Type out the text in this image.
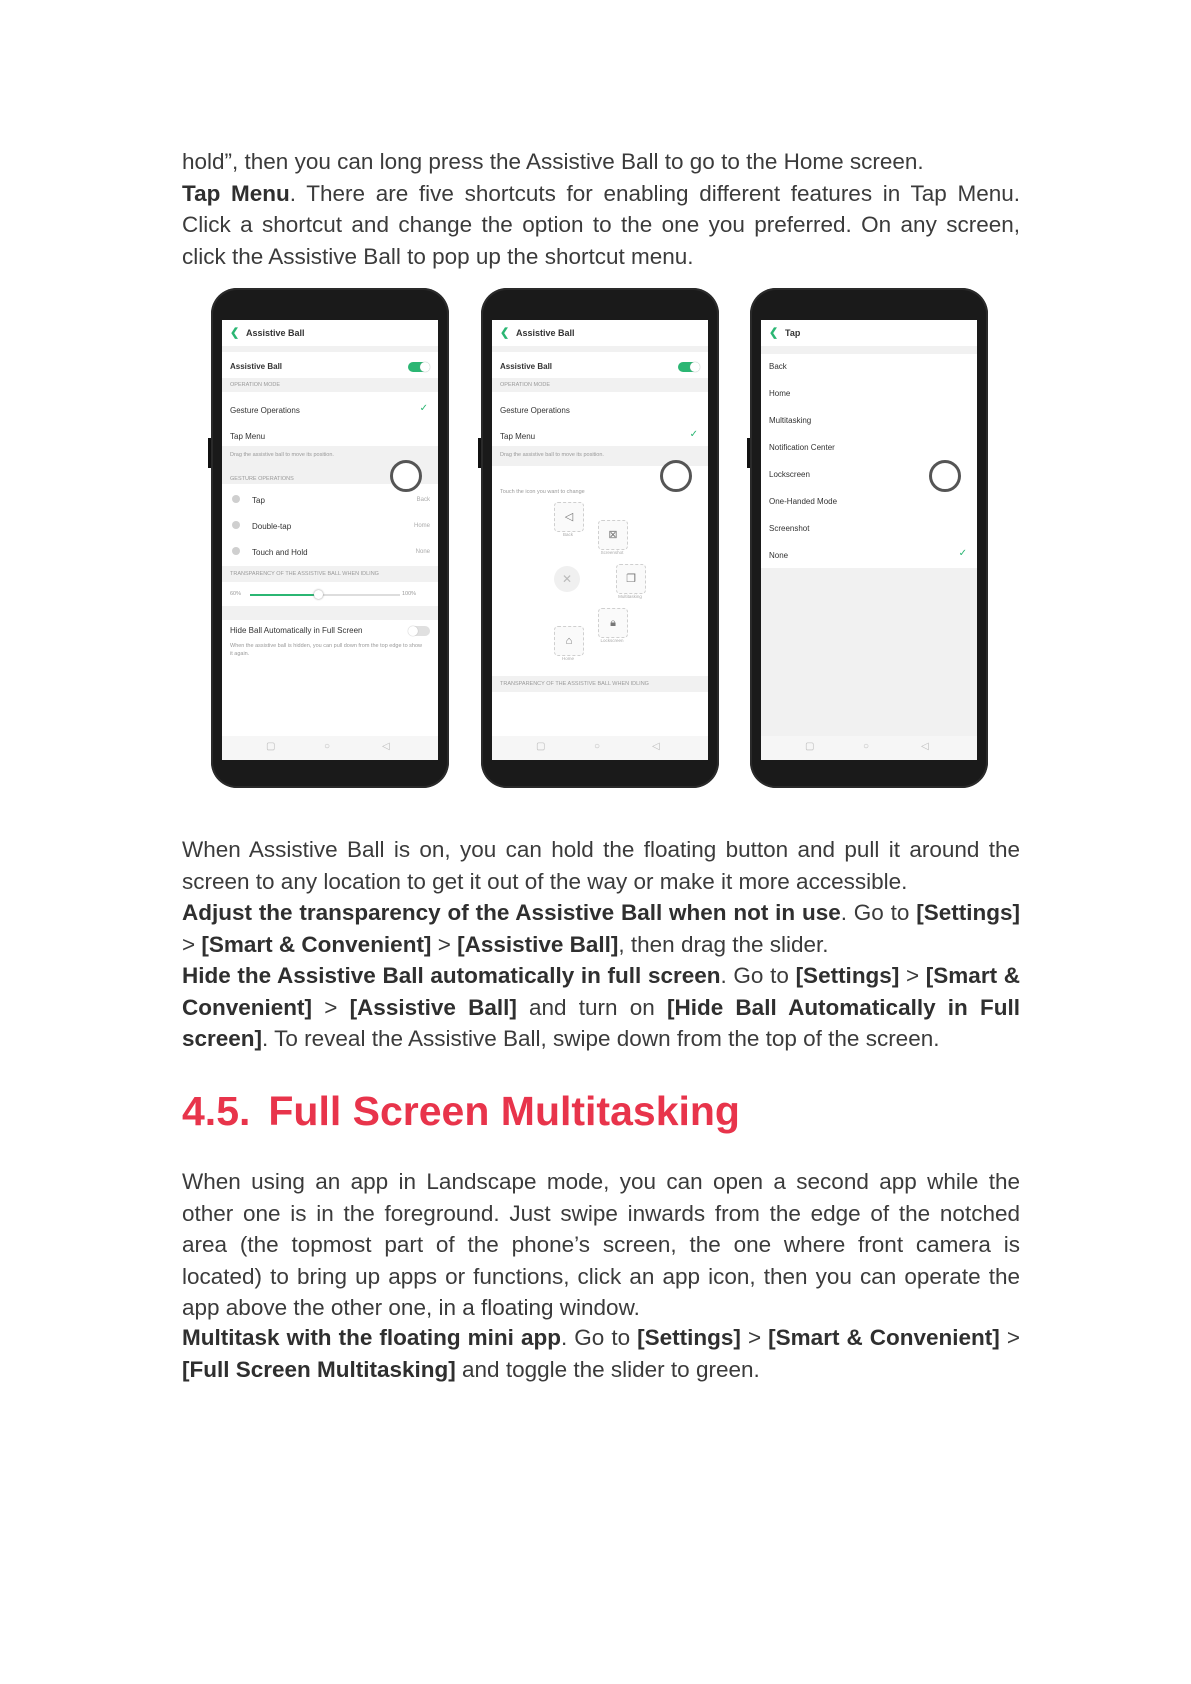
hold”, then you can long press the Assistive Ball to go to the Home screen.
Tap Menu. There are five shortcuts for enabling different features in Tap Menu. Click a shortcut and change the option to the one you preferred. On any screen, click the Assistive Ball to pop up the shortcut menu.

❮ Assistive Ball
Assistive Ball
OPERATION MODE
Gesture Operations	✓
Tap Menu
Drag the assistive ball to move its position.
GESTURE OPERATIONS
Tap	Back
Double-tap	Home
Touch and Hold	None
TRANSPARENCY OF THE ASSISTIVE BALL WHEN IDLING
60%	100%
Hide Ball Automatically in Full Screen
When the assistive ball is hidden, you can pull down from the top edge to show it again.
▢	○	◁
❮ Assistive Ball
Assistive Ball
OPERATION MODE
Gesture Operations
Tap Menu	✓
Drag the assistive ball to move its position.
Touch the icon you want to change
◁
Back	⊠
Screenshot
✕	❐
Multitasking
🔒︎
Lockscreen
⌂
Home
TRANSPARENCY OF THE ASSISTIVE BALL WHEN IDLING
▢	○	◁
❮ Tap
Back
Home
Multitasking
Notification Center
Lockscreen
One-Handed Mode
Screenshot
None	✓
▢	○	◁

When Assistive Ball is on, you can hold the floating button and pull it around the screen to any location to get it out of the way or make it more accessible.

Adjust the transparency of the Assistive Ball when not in use. Go to [Settings] > [Smart & Convenient] > [Assistive Ball], then drag the slider.

Hide the Assistive Ball automatically in full screen. Go to [Settings] > [Smart & Convenient] > [Assistive Ball] and turn on [Hide Ball Automatically in Full screen]. To reveal the Assistive Ball, swipe down from the top of the screen.

4.5. Full Screen Multitasking

When using an app in Landscape mode, you can open a second app while the other one is in the foreground. Just swipe inwards from the edge of the notched area (the topmost part of the phone’s screen, the one where front camera is located) to bring up apps or functions, click an app icon, then you can operate the app above the other one, in a floating window.

Multitask with the floating mini app. Go to [Settings] > [Smart & Convenient] > [Full Screen Multitasking] and toggle the slider to green.
